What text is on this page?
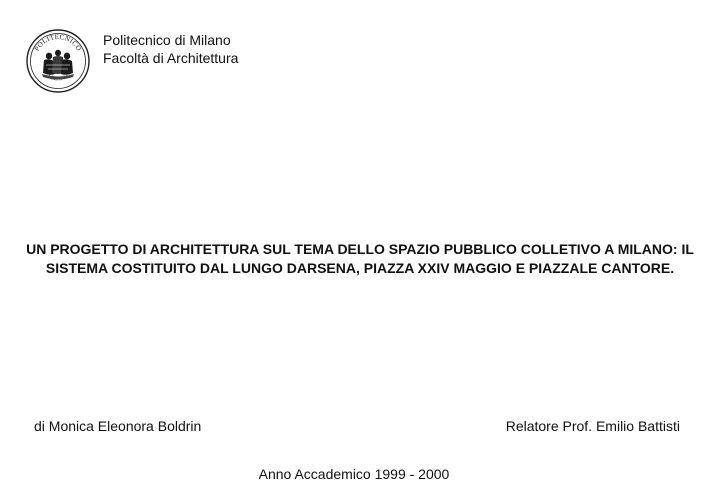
POLITECNICO
Politecnico di Milano
Facoltà di Architettura
UN PROGETTO DI ARCHITETTURA SUL TEMA DELLO SPAZIO PUBBLICO COLLETIVO A MILANO: IL SISTEMA COSTITUITO DAL LUNGO DARSENA, PIAZZA XXIV MAGGIO E PIAZZALE CANTORE.
di Monica Eleonora Boldrin	Relatore Prof. Emilio Battisti
Anno Accademico 1999 - 2000
